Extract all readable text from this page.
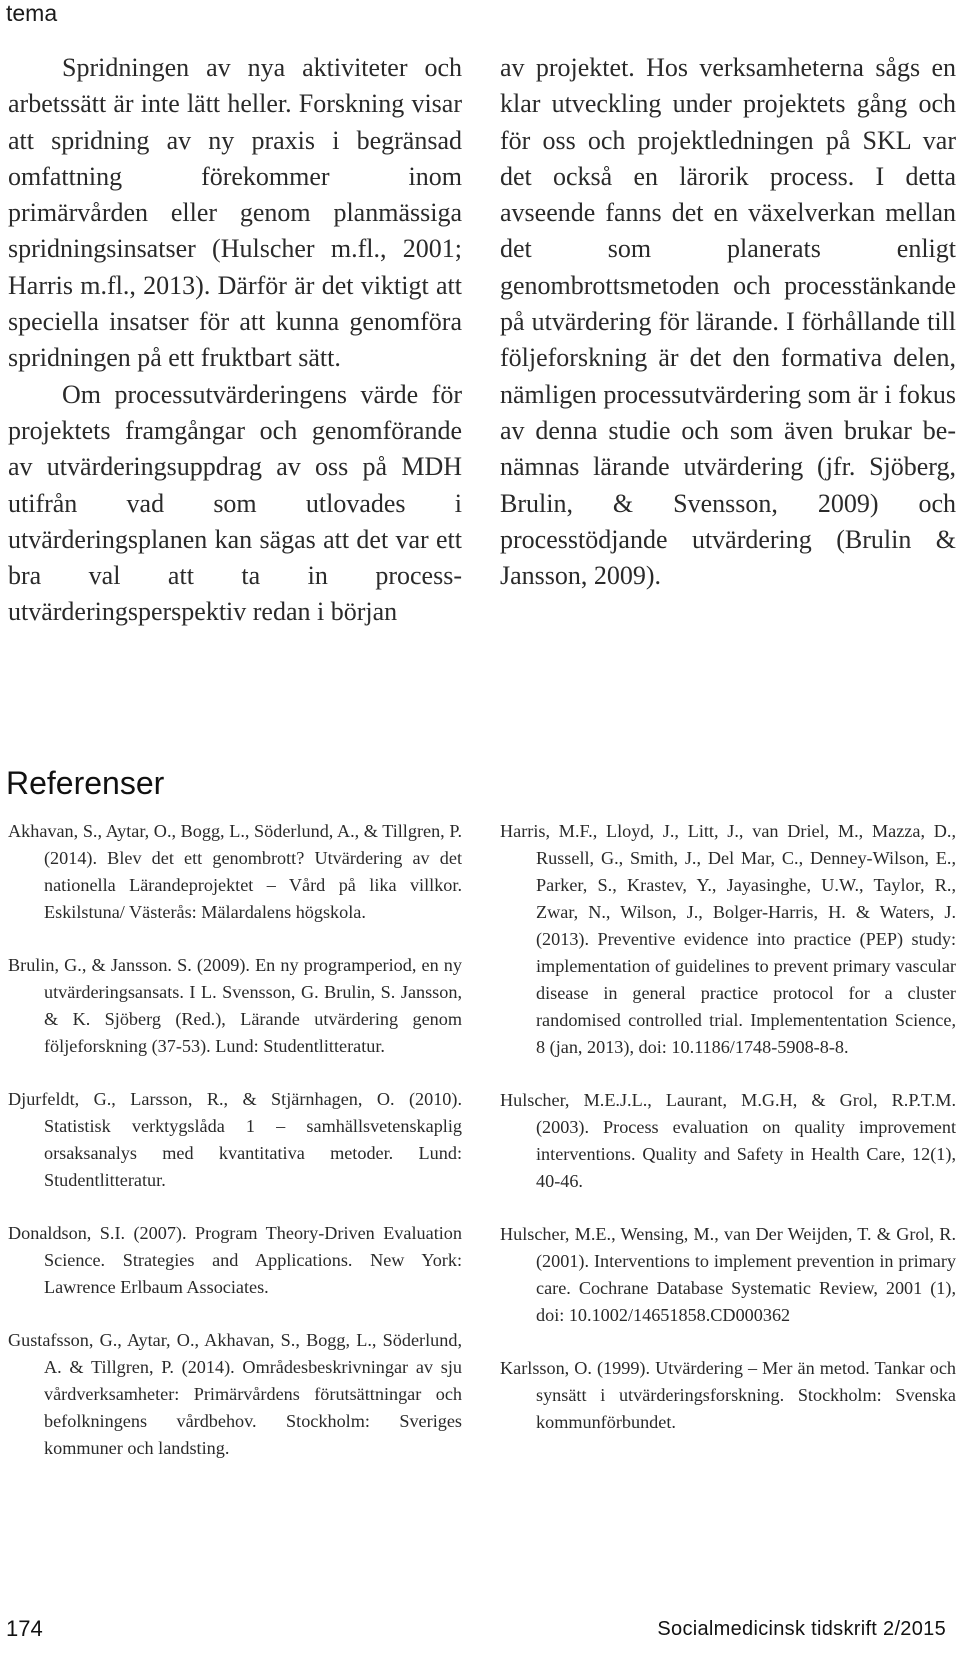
tema

Spridningen av nya aktiviteter och arbetssätt är inte lätt heller. Forskning visar att spridning av ny praxis i begränsad omfattning förekommer inom primärvården eller genom planmässiga spridningsinsatser (Hulscher m.fl., 2001; Harris m.fl., 2013). Därför är det viktigt att speciella insatser för att kunna genomföra spridningen på ett fruktbart sätt.

Om processutvärderingens värde för projektets framgångar och genomförande av utvärderingsuppdrag av oss på MDH utifrån vad som utlovades i utvärderingsplanen kan sägas att det var ett bra val att ta in processutvärderingsperspektiv redan i början

av projektet. Hos verksamheterna sågs en klar utveckling under projektets gång och för oss och projektledningen på SKL var det också en lärorik process. I detta avseende fanns det en växelverkan mellan det som planerats enligt genombrottsmetoden och processtänkande på utvärdering för lärande. I förhållande till följeforskning är det den formativa delen, nämligen processutvärdering som är i fokus av denna studie och som även brukar benämnas lärande utvärdering (jfr. Sjöberg, Brulin, & Svensson, 2009) och processtödjande utvärdering (Brulin & Jansson, 2009).

Referenser

Akhavan, S., Aytar, O., Bogg, L., Söderlund, A., & Tillgren, P. (2014). Blev det ett genombrott? Utvärdering av det nationella Lärandeprojektet – Vård på lika villkor. Eskilstuna/ Västerås: Mälardalens högskola.

Brulin, G., & Jansson. S. (2009). En ny programperiod, en ny utvärderingsansats. I L. Svensson, G. Brulin, S. Jansson, & K. Sjöberg (Red.), Lärande utvärdering genom följeforskning (37-53). Lund: Studentlitteratur.

Djurfeldt, G., Larsson, R., & Stjärnhagen, O. (2010). Statistisk verktygslåda 1 – samhällsvetenskaplig orsaksanalys med kvantitativa metoder. Lund: Studentlitteratur.

Donaldson, S.I. (2007). Program Theory-Driven Evaluation Science. Strategies and Applications. New York: Lawrence Erlbaum Associates.

Gustafsson, G., Aytar, O., Akhavan, S., Bogg, L., Söderlund, A. & Tillgren, P. (2014). Områdesbeskrivningar av sju vårdverksamheter: Primärvårdens förutsättningar och befolkningens vårdbehov. Stockholm: Sveriges kommuner och landsting.

Harris, M.F., Lloyd, J., Litt, J., van Driel, M., Mazza, D., Russell, G., Smith, J., Del Mar, C., Denney-Wilson, E., Parker, S., Krastev, Y., Jayasinghe, U.W., Taylor, R., Zwar, N., Wilson, J., Bolger-Harris, H. & Waters, J. (2013). Preventive evidence into practice (PEP) study: implementation of guidelines to prevent primary vascular disease in general practice protocol for a cluster randomised controlled trial. Implemententation Science, 8 (jan, 2013), doi: 10.1186/1748-5908-8-8.

Hulscher, M.E.J.L., Laurant, M.G.H, & Grol, R.P.T.M. (2003). Process evaluation on quality improvement interventions. Quality and Safety in Health Care, 12(1), 40-46.

Hulscher, M.E., Wensing, M., van Der Weijden, T. & Grol, R. (2001). Interventions to implement prevention in primary care. Cochrane Database Systematic Review, 2001 (1), doi: 10.1002/14651858.CD000362

Karlsson, O. (1999). Utvärdering – Mer än metod. Tankar och synsätt i utvärderingsforskning. Stockholm: Svenska kommunförbundet.

174	Socialmedicinsk tidskrift 2/2015
